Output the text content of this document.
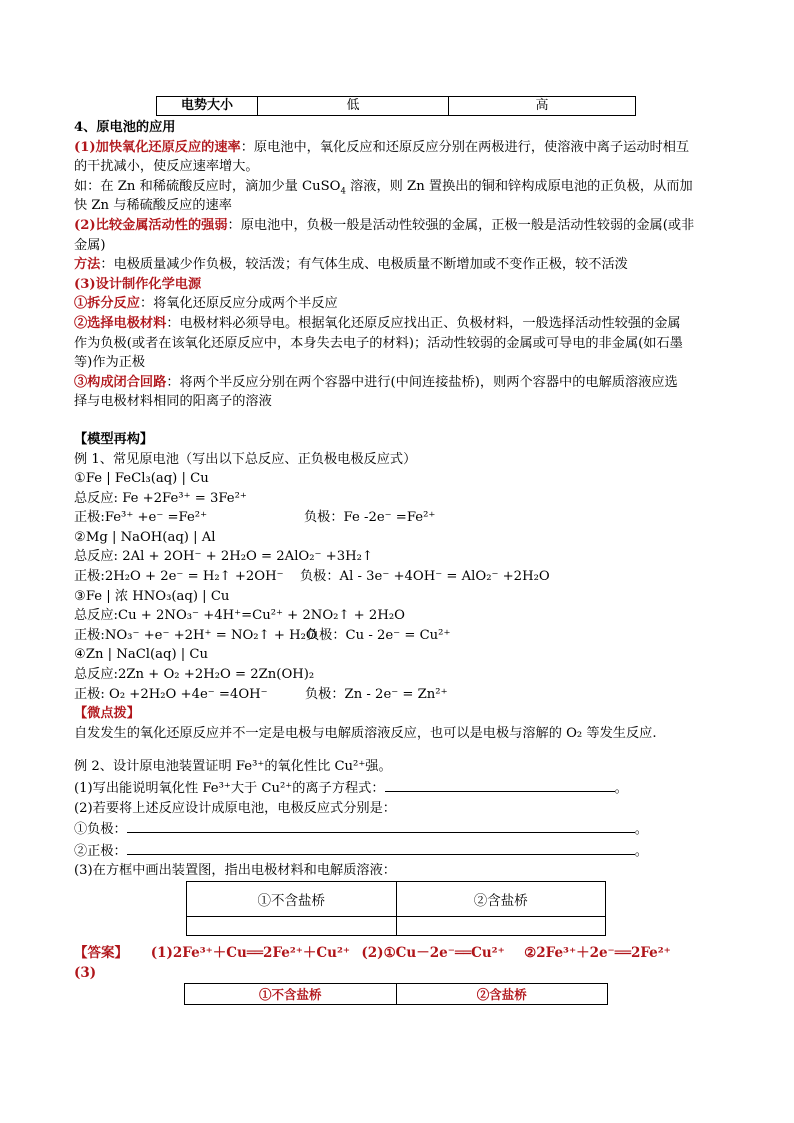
电势大小	低	高
4、原电池的应用
(1)加快氧化还原反应的速率：原电池中，氧化反应和还原反应分别在两极进行，使溶液中离子运动时相互
的干扰减小，使反应速率增大。
如：在 Zn 和稀硫酸反应时，滴加少量 CuSO$_4$ 溶液，则 Zn 置换出的铜和锌构成原电池的正负极，从而加
快 Zn 与稀硫酸反应的速率
(2)比较金属活动性的强弱：原电池中，负极一般是活动性较强的金属，正极一般是活动性较弱的金属(或非
金属)
方法：电极质量减少作负极，较活泼；有气体生成、电极质量不断增加或不变作正极，较不活泼
(3)设计制作化学电源
①拆分反应：将氧化还原反应分成两个半反应
②选择电极材料：电极材料必须导电。根据氧化还原反应找出正、负极材料，一般选择活动性较强的金属
作为负极(或者在该氧化还原反应中，本身失去电子的材料)；活动性较弱的金属或可导电的非金属(如石墨
等)作为正极
③构成闭合回路：将两个半反应分别在两个容器中进行(中间连接盐桥)，则两个容器中的电解质溶液应选
择与电极材料相同的阳离子的溶液
【模型再构】
例 1、常见原电池（写出以下总反应、正负极电极反应式）
①Fe | FeCl₃(aq) | Cu
总反应: Fe +2Fe³⁺ = 3Fe²⁺
正极:Fe³⁺ +e⁻ =Fe²⁺	负极：Fe -2e⁻ =Fe²⁺
②Mg | NaOH(aq) | Al
总反应: 2Al + 2OH⁻ + 2H₂O = 2AlO₂⁻ +3H₂↑
正极:2H₂O + 2e⁻ = H₂↑ +2OH⁻ 负极：Al - 3e⁻ +4OH⁻ = AlO₂⁻ +2H₂O
③Fe | 浓 HNO₃(aq) | Cu
总反应:Cu + 2NO₃⁻ +4H⁺=Cu²⁺ + 2NO₂↑ + 2H₂O
正极:NO₃⁻ +e⁻ +2H⁺ = NO₂↑ + H₂O负极：Cu - 2e⁻ = Cu²⁺
④Zn | NaCl(aq) | Cu
总反应:2Zn + O₂ +2H₂O = 2Zn(OH)₂
正极: O₂ +2H₂O +4e⁻ =4OH⁻	负极：Zn - 2e⁻ = Zn²⁺
【微点拨】
自发发生的氧化还原反应并不一定是电极与电解质溶液反应，也可以是电极与溶解的 O₂ 等发生反应.
例 2、设计原电池装置证明 Fe³⁺的氧化性比 Cu²⁺强。
(1)写出能说明氧化性 Fe³⁺大于 Cu²⁺的离子方程式：	。
(2)若要将上述反应设计成原电池，电极反应式分别是：
①负极：	。
②正极：	。
(3)在方框中画出装置图，指出电极材料和电解质溶液：
①不含盐桥	②含盐桥

【答案】 (1)2Fe³⁺＋Cu══2Fe²⁺＋Cu²⁺ (2)①Cu－2e⁻══Cu²⁺ ②2Fe³⁺＋2e⁻══2Fe²⁺
(3)
①不含盐桥	②含盐桥
